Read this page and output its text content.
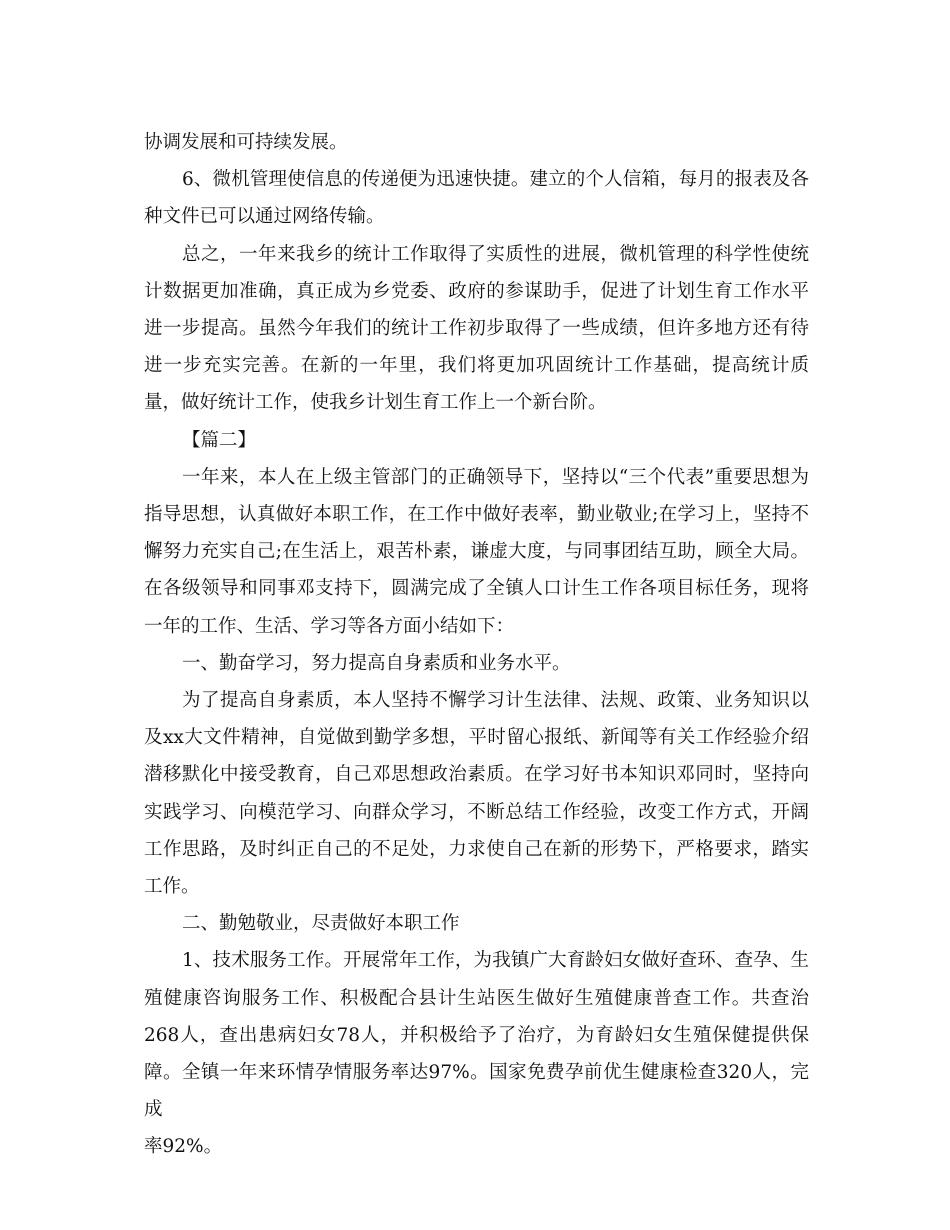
协调发展和可持续发展。

6、微机管理使信息的传递便为迅速快捷。建立的个人信箱，每月的报表及各
种文件已可以通过网络传输。

总之，一年来我乡的统计工作取得了实质性的进展，微机管理的科学性使统
计数据更加准确，真正成为乡党委、政府的参谋助手，促进了计划生育工作水平
进一步提高。虽然今年我们的统计工作初步取得了一些成绩，但许多地方还有待
进一步充实完善。在新的一年里，我们将更加巩固统计工作基础，提高统计质
量，做好统计工作，使我乡计划生育工作上一个新台阶。

【篇二】

一年来，本人在上级主管部门的正确领导下，坚持以“三个代表”重要思想为
指导思想，认真做好本职工作，在工作中做好表率，勤业敬业;在学习上，坚持不
懈努力充实自己;在生活上，艰苦朴素，谦虚大度，与同事团结互助，顾全大局。
在各级领导和同事邓支持下，圆满完成了全镇人口计生工作各项目标任务，现将
一年的工作、生活、学习等各方面小结如下：

一、勤奋学习，努力提高自身素质和业务水平。

为了提高自身素质，本人坚持不懈学习计生法律、法规、政策、业务知识以
及xx大文件精神，自觉做到勤学多想，平时留心报纸、新闻等有关工作经验介绍
潜移默化中接受教育，自己邓思想政治素质。在学习好书本知识邓同时，坚持向
实践学习、向模范学习、向群众学习，不断总结工作经验，改变工作方式，开阔
工作思路，及时纠正自己的不足处，力求使自己在新的形势下，严格要求，踏实
工作。

二、勤勉敬业，尽责做好本职工作

1、技术服务工作。开展常年工作，为我镇广大育龄妇女做好查环、查孕、生
殖健康咨询服务工作、积极配合县计生站医生做好生殖健康普查工作。共查治
268人，查出患病妇女78人，并积极给予了治疗，为育龄妇女生殖保健提供保
障。全镇一年来环情孕情服务率达97%。国家免费孕前优生健康检查320人，完成
率92%。
